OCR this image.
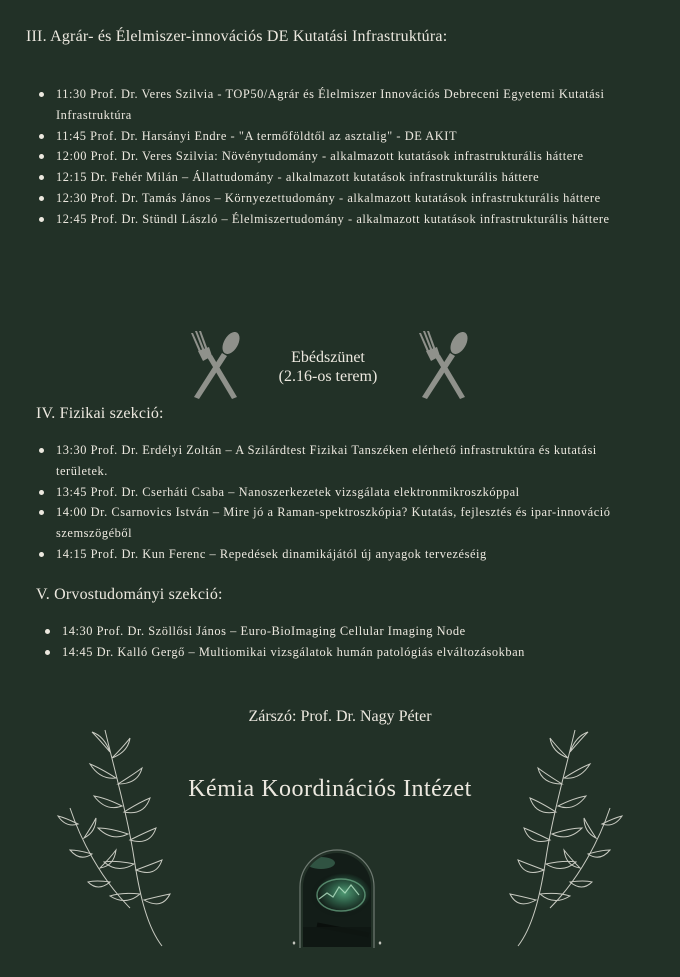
III. Agrár- és Élelmiszer-innovációs DE Kutatási Infrastruktúra:
11:30 Prof. Dr. Veres Szilvia - TOP50/Agrár és Élelmiszer Innovációs Debreceni Egyetemi Kutatási Infrastruktúra
11:45 Prof. Dr. Harsányi Endre - "A termőföldtől az asztalig" - DE AKIT
12:00 Prof. Dr. Veres Szilvia: Növénytudomány - alkalmazott kutatások infrastrukturális háttere
12:15 Dr. Fehér Milán – Állattudomány - alkalmazott kutatások infrastrukturális háttere
12:30 Prof. Dr. Tamás János – Környezettudomány - alkalmazott kutatások infrastrukturális háttere
12:45 Prof. Dr. Stündl László – Élelmiszertudomány - alkalmazott kutatások infrastrukturális háttere
Ebédszünet
(2.16-os terem)
IV. Fizikai szekció:
13:30 Prof. Dr. Erdélyi Zoltán – A Szilárdtest Fizikai Tanszéken elérhető infrastruktúra és kutatási területek.
13:45 Prof. Dr. Cserháti Csaba – Nanoszerkezetek vizsgálata elektronmikroszkóppal
14:00 Dr. Csarnovics István – Mire jó a Raman-spektroszkópia? Kutatás, fejlesztés és ipar-innováció szemszögéből
14:15 Prof. Dr. Kun Ferenc – Repedések dinamikájától új anyagok tervezéséig
V. Orvostudományi szekció:
14:30 Prof. Dr. Szöllősi János – Euro-BioImaging Cellular Imaging Node
14:45 Dr. Kalló Gergő – Multiomikai vizsgálatok humán patológiás elváltozásokban
Zárszó: Prof. Dr. Nagy Péter
Kémia Koordinációs Intézet
